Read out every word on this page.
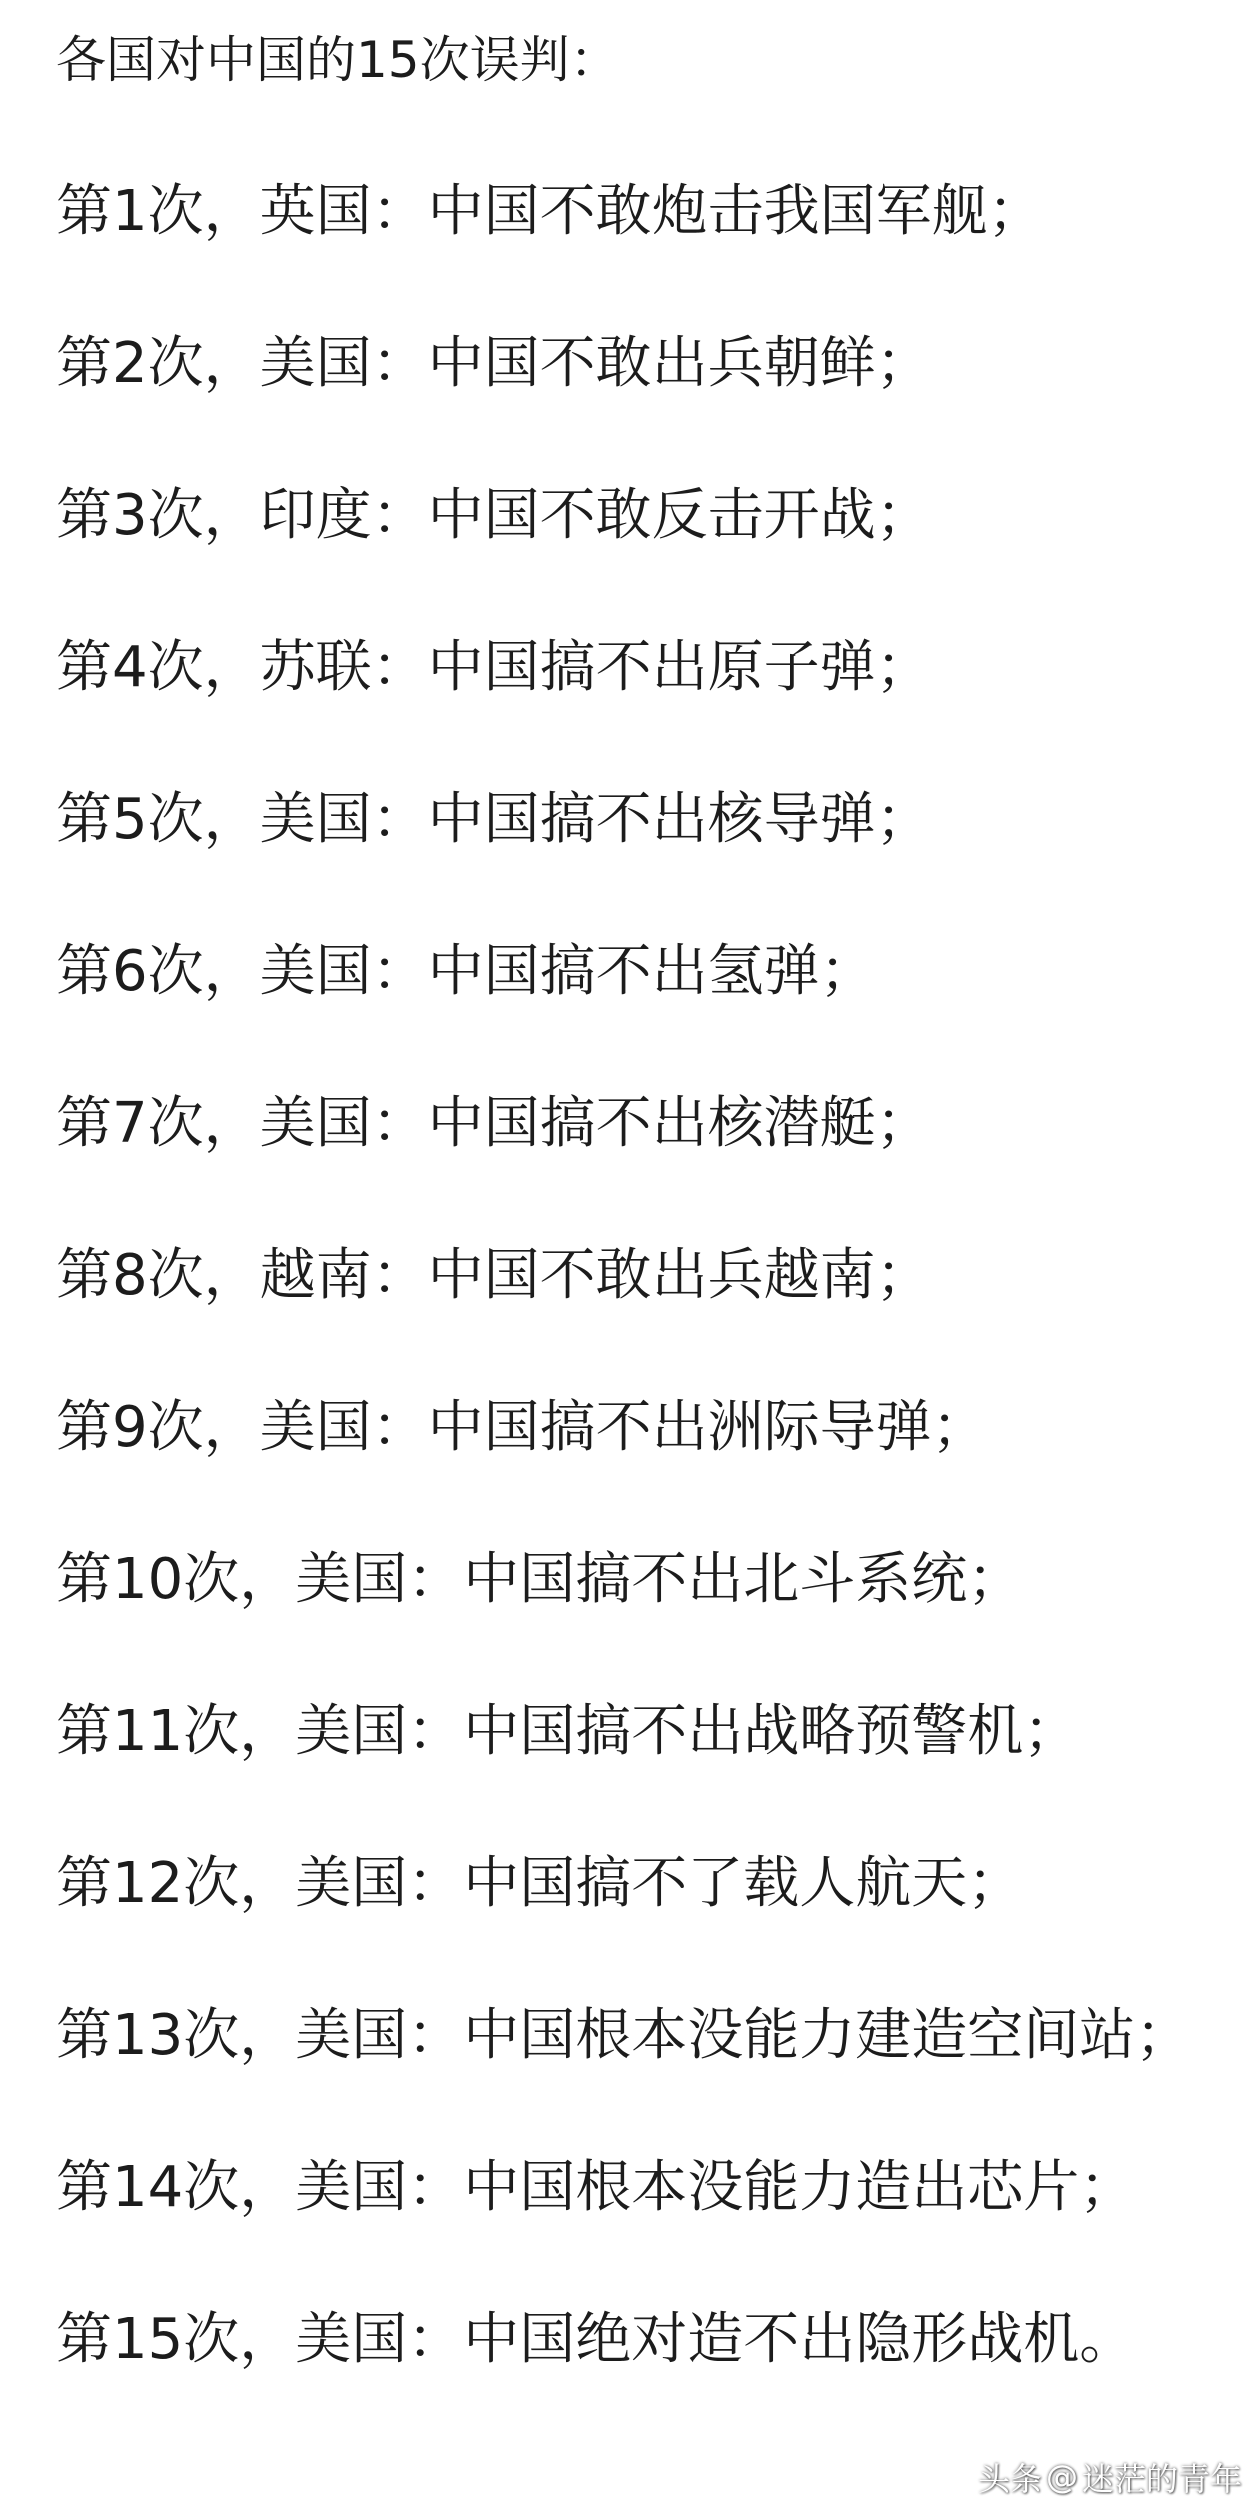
各国对中国的15次误判：
第1次，英国：中国不敢炮击我国军舰；
第2次，美国：中国不敢出兵朝鲜；
第3次，印度：中国不敢反击开战；
第4次，苏联：中国搞不出原子弹；
第5次，美国：中国搞不出核导弹；
第6次，美国：中国搞不出氢弹；
第7次，美国：中国搞不出核潜艇；
第8次，越南：中国不敢出兵越南；
第9次，美国：中国搞不出洲际导弹；
第10次，美国：中国搞不出北斗系统；
第11次，美国：中国搞不出战略预警机；
第12次，美国：中国搞不了载人航天；
第13次，美国：中国根本没能力建造空间站；
第14次，美国：中国根本没能力造出芯片；
第15次，美国：中国绝对造不出隐形战机。
头条 @ 迷茫的青年
